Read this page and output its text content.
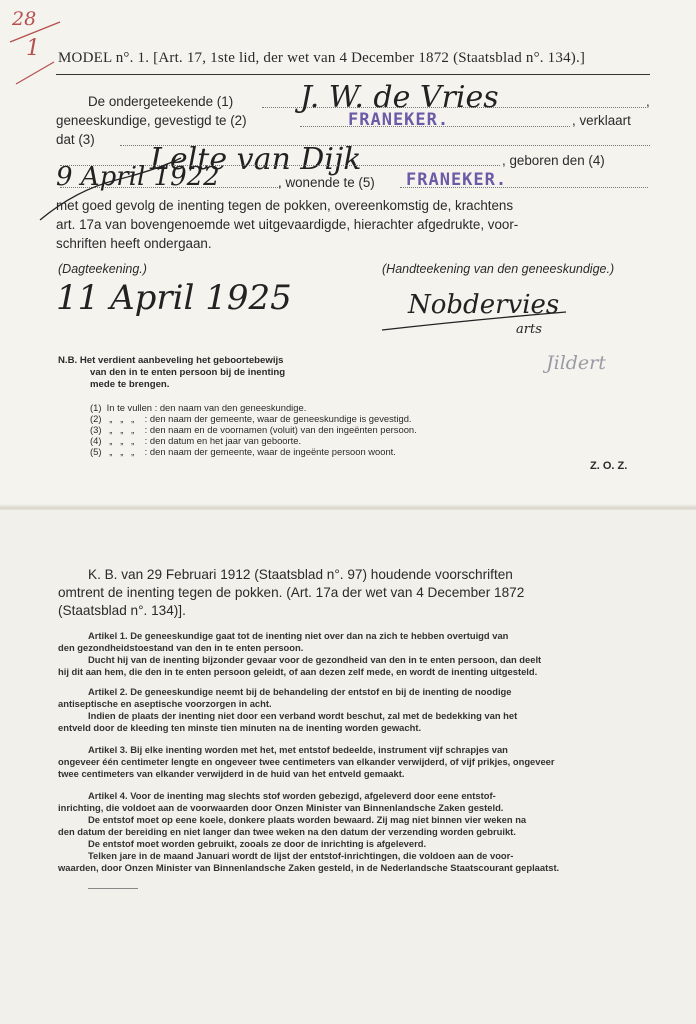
28
1 MODEL n°. 1. [Art. 17, 1ste lid, der wet van 4 December 1872 (Staatsblad n°. 134).]
De ondergeteekende (1) J. W. de Vries	,
geneeskundige, gevestigd te (2)	FRANEKER.	, verklaart
dat (3)
Lelte van Dijk	, geboren den (4)
9 April 1922	, wonende te (5) FRANEKER.
met goed gevolg de inenting tegen de pokken, overeenkomstig de, krachtens
art. 17a van bovengenoemde wet uitgevaardigde, hierachter afgedrukte, voor-
schriften heeft ondergaan.
(Dagteekening.)	(Handteekening van den geneeskundige.)
11 April 1925	Nobdervies
arts
Jildert
N.B. Het verdient aanbeveling het geboortebewijs
van den in te enten persoon bij de inenting
mede te brengen.
(1)  In te vullen : den naam van den geneeskundige.
(2)   „   „   „    : den naam der gemeente, waar de geneeskundige is gevestigd.
(3)   „   „   „    : den naam en de voornamen (voluit) van den ingeënten persoon.
(4)   „   „   „    : den datum en het jaar van geboorte.
(5)   „   „   „    : den naam der gemeente, waar de ingeënte persoon woont.
Z. O. Z.
K. B. van 29 Februari 1912 (Staatsblad n°. 97) houdende voorschriften
omtrent de inenting tegen de pokken. (Art. 17a der wet van 4 December 1872
(Staatsblad n°. 134)].
Artikel 1. De geneeskundige gaat tot de inenting niet over dan na zich te hebben overtuigd van
den gezondheidstoestand van den in te enten persoon.
Ducht hij van de inenting bijzonder gevaar voor de gezondheid van den in te enten persoon, dan deelt
hij dit aan hem, die den in te enten persoon geleidt, of aan dezen zelf mede, en wordt de inenting uitgesteld.
Artikel 2. De geneeskundige neemt bij de behandeling der entstof en bij de inenting de noodige
antiseptische en aseptische voorzorgen in acht.
Indien de plaats der inenting niet door een verband wordt beschut, zal met de bedekking van het
entveld door de kleeding ten minste tien minuten na de inenting worden gewacht.
Artikel 3. Bij elke inenting worden met het, met entstof bedeelde, instrument vijf schrapjes van
ongeveer één centimeter lengte en ongeveer twee centimeters van elkander verwijderd, of vijf prikjes, ongeveer
twee centimeters van elkander verwijderd in de huid van het entveld gemaakt.
Artikel 4. Voor de inenting mag slechts stof worden gebezigd, afgeleverd door eene entstof-
inrichting, die voldoet aan de voorwaarden door Onzen Minister van Binnenlandsche Zaken gesteld.
De entstof moet op eene koele, donkere plaats worden bewaard. Zij mag niet binnen vier weken na
den datum der bereiding en niet langer dan twee weken na den datum der verzending worden gebruikt.
De entstof moet worden gebruikt, zooals ze door de inrichting is afgeleverd.
Telken jare in de maand Januari wordt de lijst der entstof-inrichtingen, die voldoen aan de voor-
waarden, door Onzen Minister van Binnenlandsche Zaken gesteld, in de Nederlandsche Staatscourant geplaatst.
